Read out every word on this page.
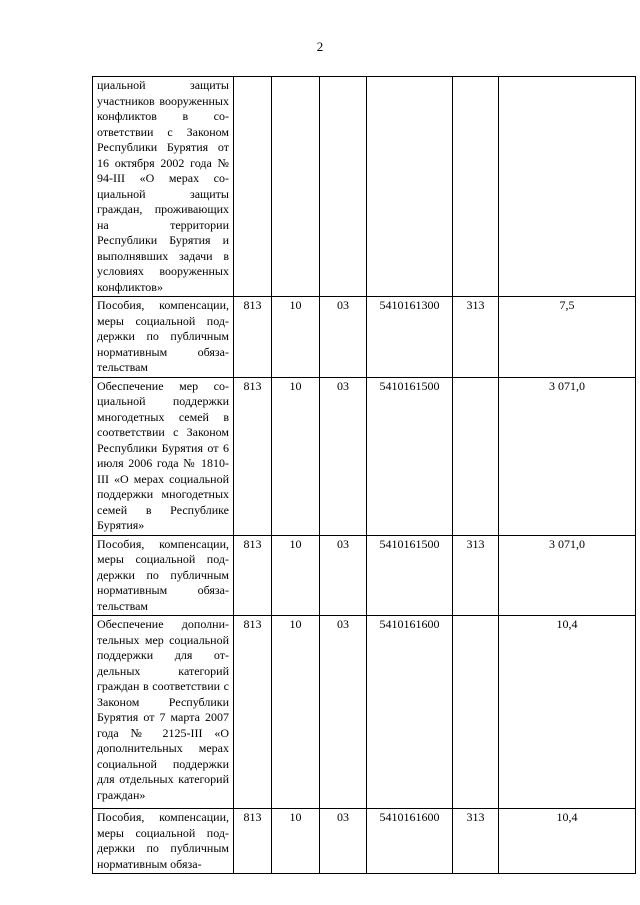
2
циальной защиты участников вооруженных конфликтов в соответствии с Законом Республики Бурятия от 16 октября 2002 года № 94-III «О мерах социальной защиты граждан, проживающих на территории Республики Бурятия и выполнявших задачи в условиях вооруженных конфликтов»						
Пособия, компенсации, меры социальной поддержки по публичным нормативным обязательствам	813	10	03	5410161300	313	7,5
Обеспечение мер социальной поддержки многодетных семей в соответствии с Законом Республики Бурятия от 6 июля 2006 года № 1810-III «О мерах социальной поддержки многодетных семей в Республике Бурятия»	813	10	03	5410161500		3 071,0
Пособия, компенсации, меры социальной поддержки по публичным нормативным обязательствам	813	10	03	5410161500	313	3 071,0
Обеспечение дополнительных мер социальной поддержки для отдельных категорий граждан в соответствии с Законом Республики Бурятия от 7 марта 2007 года № 2125-III «О дополнительных мерах социальной поддержки для отдельных категорий граждан»	813	10	03	5410161600		10,4
Пособия, компенсации, меры социальной поддержки по публичным нормативным обяза-	813	10	03	5410161600	313	10,4
